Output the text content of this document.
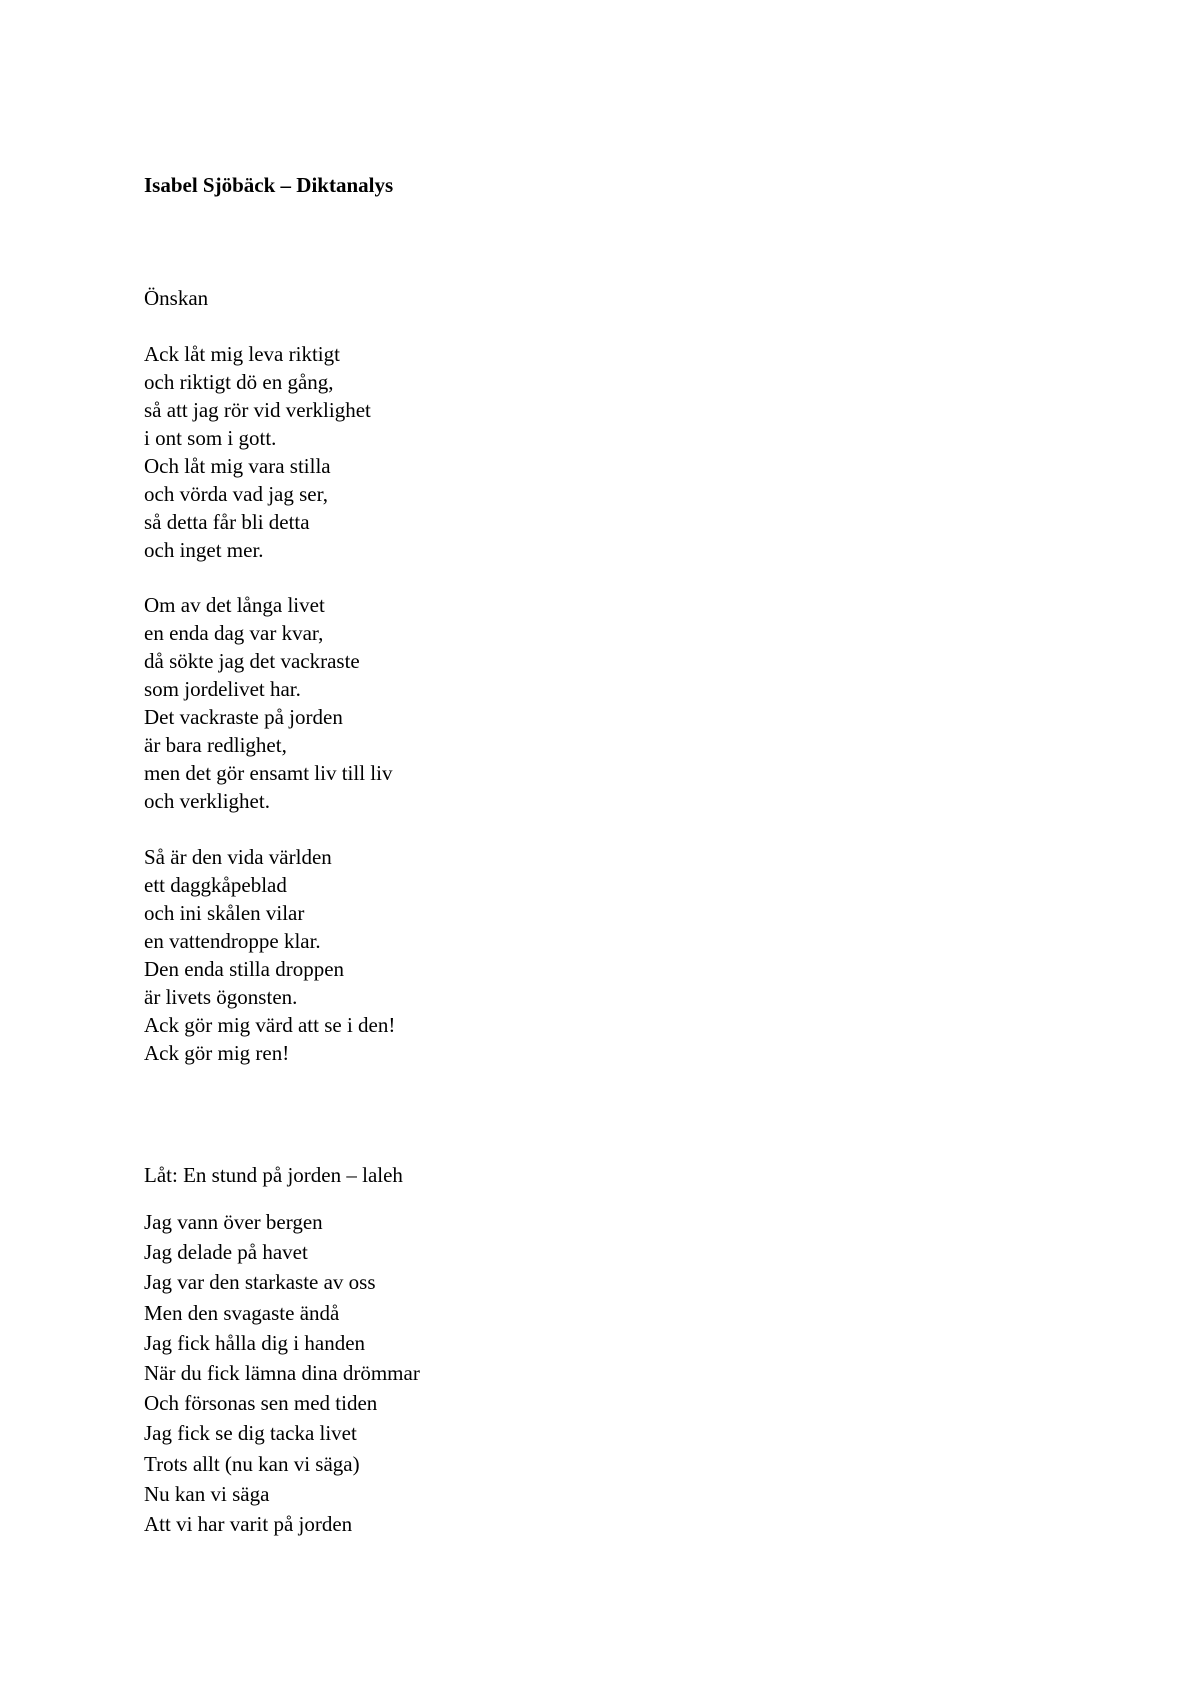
Isabel Sjöbäck – Diktanalys
Önskan
Ack låt mig leva riktigt
och riktigt dö en gång,
så att jag rör vid verklighet
i ont som i gott.
Och låt mig vara stilla
och vörda vad jag ser,
så detta får bli detta
och inget mer.
Om av det långa livet
en enda dag var kvar,
då sökte jag det vackraste
som jordelivet har.
Det vackraste på jorden
är bara redlighet,
men det gör ensamt liv till liv
och verklighet.
Så är den vida världen
ett daggkåpeblad
och ini skålen vilar
en vattendroppe klar.
Den enda stilla droppen
är livets ögonsten.
Ack gör mig värd att se i den!
Ack gör mig ren!
Låt: En stund på jorden – laleh
Jag vann över bergen
Jag delade på havet
Jag var den starkaste av oss
Men den svagaste ändå
Jag fick hålla dig i handen
När du fick lämna dina drömmar
Och försonas sen med tiden
Jag fick se dig tacka livet
Trots allt (nu kan vi säga)
Nu kan vi säga
Att vi har varit på jorden
